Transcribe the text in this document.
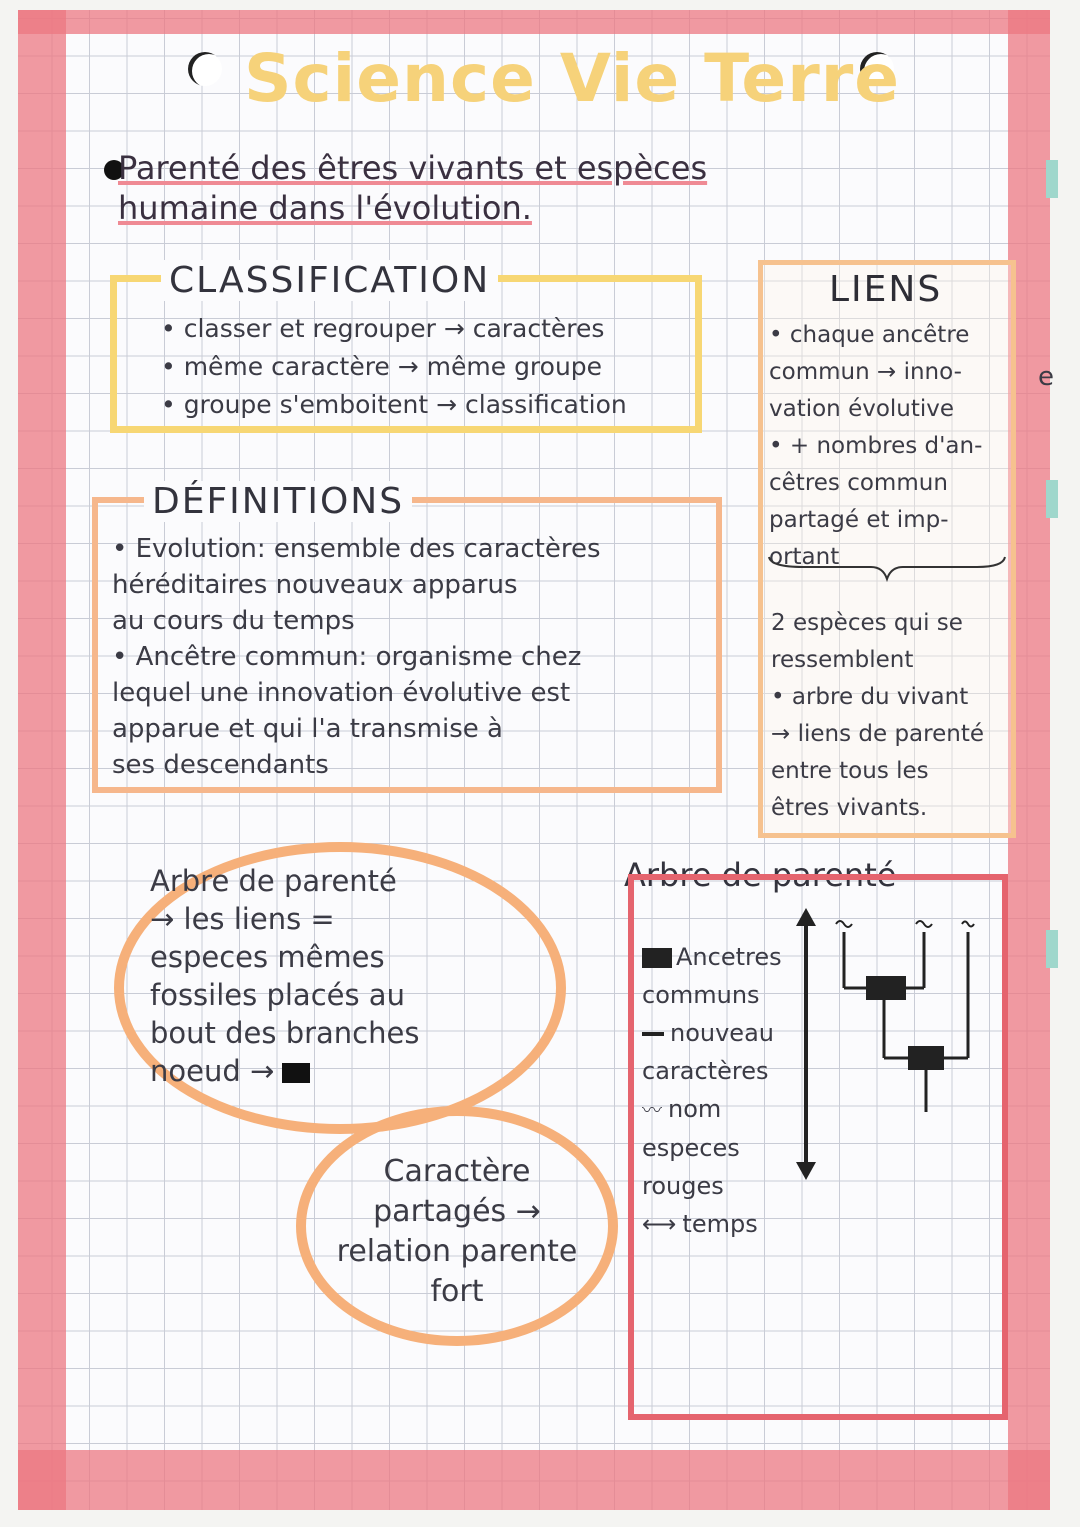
Science Vie Terre
Parenté des êtres vivants et espèces
humaine dans l'évolution.
CLASSIFICATION
• classer et regrouper → caractères
• même caractère → même groupe
• groupe s'emboitent → classification
DÉFINITIONS
• Evolution: ensemble des caractères
héréditaires nouveaux apparus
au cours du temps
• Ancêtre commun: organisme chez
lequel une innovation évolutive est
apparue et qui l'a transmise à
ses descendants
LIENS
• chaque ancêtre
commun → inno-
vation évolutive
• + nombres d'an-
cêtres commun
partagé et imp-
ortant
2 espèces qui se
ressemblent
• arbre du vivant
→ liens de parenté
entre tous les
êtres vivants.
Arbre de parenté
→ les liens =
especes mêmes
fossiles placés au
bout des branches
noeud →
Caractère
partagés →
relation parente
fort
Arbre de parenté
Ancetres
communs
nouveau
caractères
〰 nom
especes
rouges
⟷ temps
e
